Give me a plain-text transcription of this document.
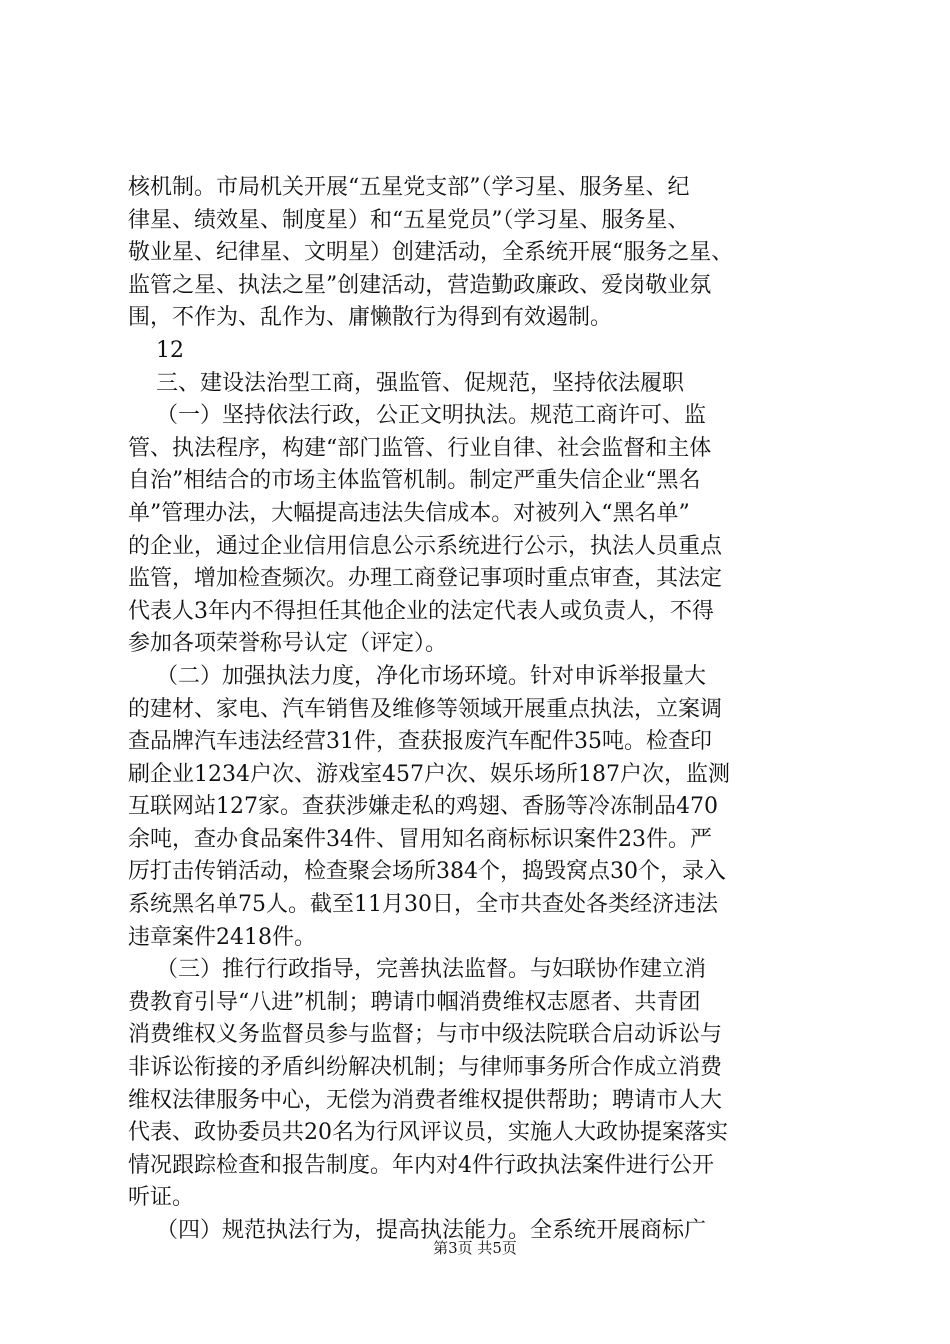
核机制。市局机关开展“五星党支部”（学习星、服务星、纪
律星、绩效星、制度星）和“五星党员”（学习星、服务星、
敬业星、纪律星、文明星）创建活动，全系统开展“服务之星、
监管之星、执法之星”创建活动，营造勤政廉政、爱岗敬业氛
围，不作为、乱作为、庸懒散行为得到有效遏制。
12
三、建设法治型工商，强监管、促规范，坚持依法履职
（一）坚持依法行政，公正文明执法。规范工商许可、监
管、执法程序，构建“部门监管、行业自律、社会监督和主体
自治”相结合的市场主体监管机制。制定严重失信企业“黑名
单”管理办法，大幅提高违法失信成本。对被列入“黑名单”
的企业，通过企业信用信息公示系统进行公示，执法人员重点
监管，增加检查频次。办理工商登记事项时重点审查，其法定
代表人3年内不得担任其他企业的法定代表人或负责人，不得
参加各项荣誉称号认定（评定）。
（二）加强执法力度，净化市场环境。针对申诉举报量大
的建材、家电、汽车销售及维修等领域开展重点执法，立案调
查品牌汽车违法经营31件，查获报废汽车配件35吨。检查印
刷企业1234户次、游戏室457户次、娱乐场所187户次，监测
互联网站127家。查获涉嫌走私的鸡翅、香肠等冷冻制品470
余吨，查办食品案件34件、冒用知名商标标识案件23件。严
厉打击传销活动，检查聚会场所384个，捣毁窝点30个，录入
系统黑名单75人。截至11月30日，全市共查处各类经济违法
违章案件2418件。
（三）推行行政指导，完善执法监督。与妇联协作建立消
费教育引导“八进”机制；聘请巾帼消费维权志愿者、共青团
消费维权义务监督员参与监督；与市中级法院联合启动诉讼与
非诉讼衔接的矛盾纠纷解决机制；与律师事务所合作成立消费
维权法律服务中心，无偿为消费者维权提供帮助；聘请市人大
代表、政协委员共20名为行风评议员，实施人大政协提案落实
情况跟踪检查和报告制度。年内对4件行政执法案件进行公开
听证。
（四）规范执法行为，提高执法能力。全系统开展商标广
第3页 共5页
